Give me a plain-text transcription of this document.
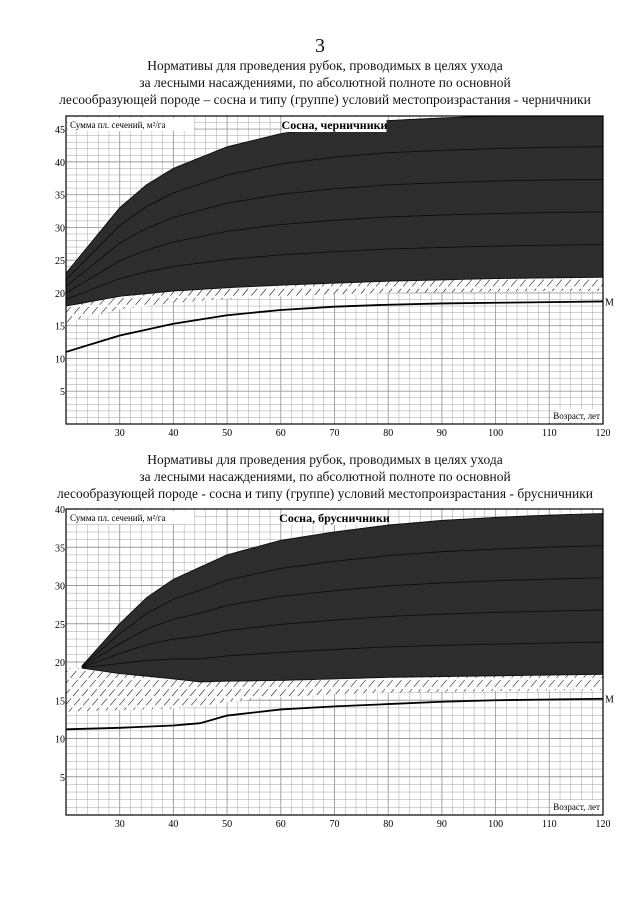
3
Нормативы для проведения рубок, проводимых в целях ухода
за лесными насаждениями, по абсолютной полноте по основной
лесообразующей породе – сосна и типу (группе) условий местопроизрастания - черничники
М
30	40	50	60	70	80	90	100	110	120
5
10
15
20
25
30
35
40
45	Сосна, черничники
Сумма пл. сечений, м²/га
Возраст, лет
Нормативы для проведения рубок, проводимых в целях ухода
за лесными насаждениями, по абсолютной полноте по основной
лесообразующей породе - сосна и типу (группе) условий местопроизрастания - брусничники
М
30	40	50	60	70	80	90	100	110	120
5
10
15
20
25
30
35
40
Сосна, брусничники
Сумма пл. сечений, м²/га
Возраст, лет
